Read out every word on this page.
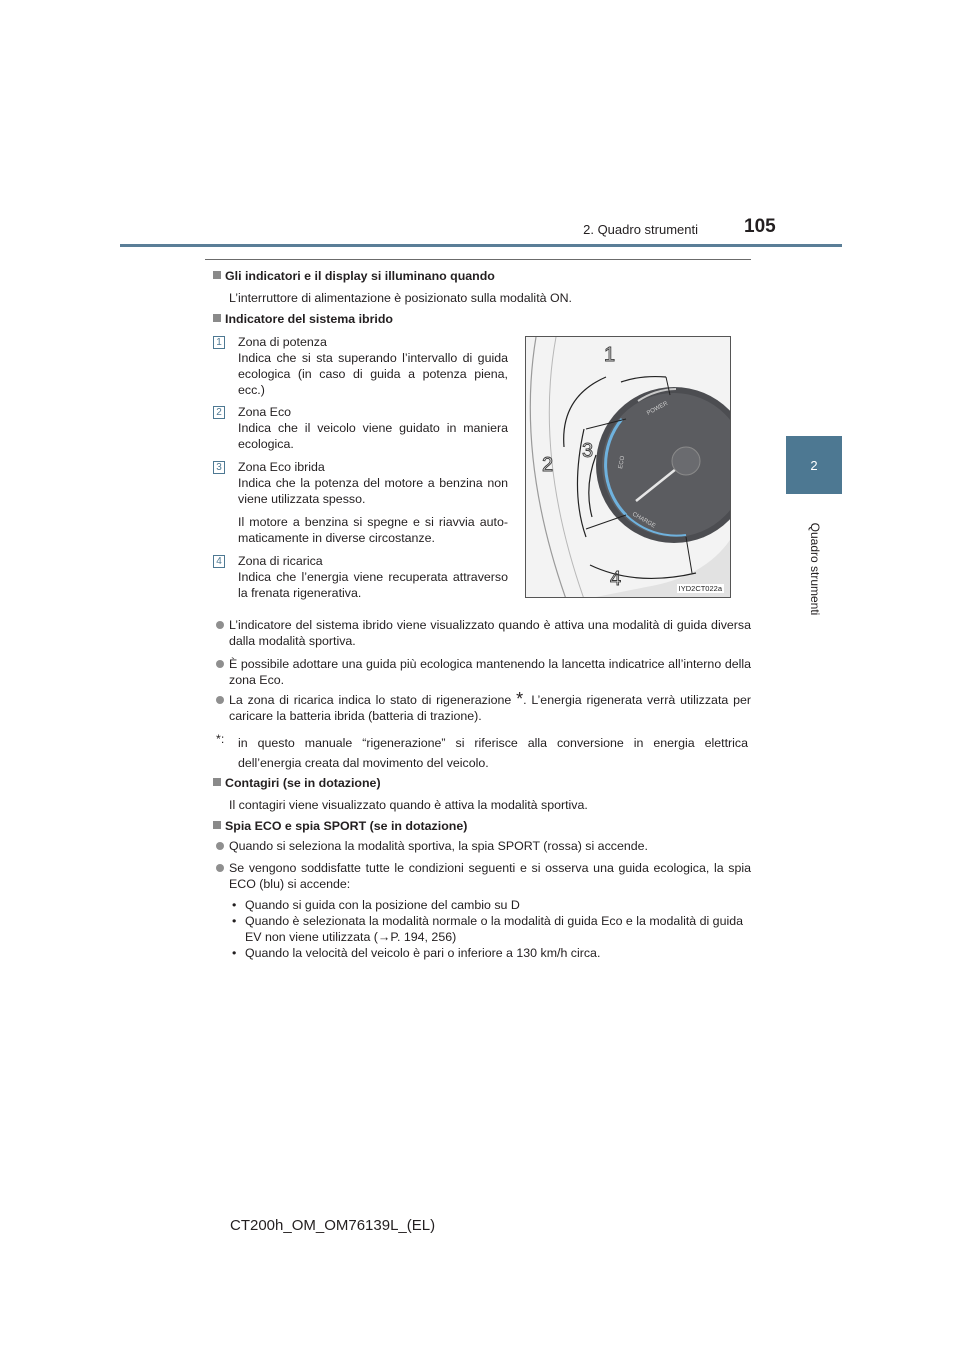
2. Quadro strumenti 105
2
Quadro strumenti
Gli indicatori e il display si illuminano quando
L’interruttore di alimentazione è posizionato sulla modalità ON.
Indicatore del sistema ibrido
1 Zona di potenza
Indica che si sta superando l’intervallo di guida ecologica (in caso di guida a potenza piena, ecc.)
2 Zona Eco
Indica che il veicolo viene guidato in maniera ecologica.
3 Zona Eco ibrida
Indica che la potenza del motore a benzina non viene utilizzata spesso.
Il motore a benzina si spegne e si riavvia auto-maticamente in diverse circostanze.
4 Zona di ricarica
Indica che l’energia viene recuperata attraverso la frenata rigenerativa.
POWER
ECO
CHARGE
1
2
3
4	IYD2CT022a
L’indicatore del sistema ibrido viene visualizzato quando è attiva una modalità di guida diversa dalla modalità sportiva.
È possibile adottare una guida più ecologica mantenendo la lancetta indicatrice all’interno della zona Eco.
La zona di ricarica indica lo stato di rigenerazione *. L’energia rigenerata verrà utilizzata per caricare la batteria ibrida (batteria di trazione).
*:	in questo manuale “rigenerazione” si riferisce alla conversione in energia elettrica dell’energia creata dal movimento del veicolo.
Contagiri (se in dotazione)
Il contagiri viene visualizzato quando è attiva la modalità sportiva.
Spia ECO e spia SPORT (se in dotazione)
Quando si seleziona la modalità sportiva, la spia SPORT (rossa) si accende.
Se vengono soddisfatte tutte le condizioni seguenti e si osserva una guida ecologica, la spia ECO (blu) si accende:
• Quando si guida con la posizione del cambio su D
• Quando è selezionata la modalità normale o la modalità di guida Eco e la modalità di guida EV non viene utilizzata (→P. 194, 256)
• Quando la velocità del veicolo è pari o inferiore a 130 km/h circa.
CT200h_OM_OM76139L_(EL)
